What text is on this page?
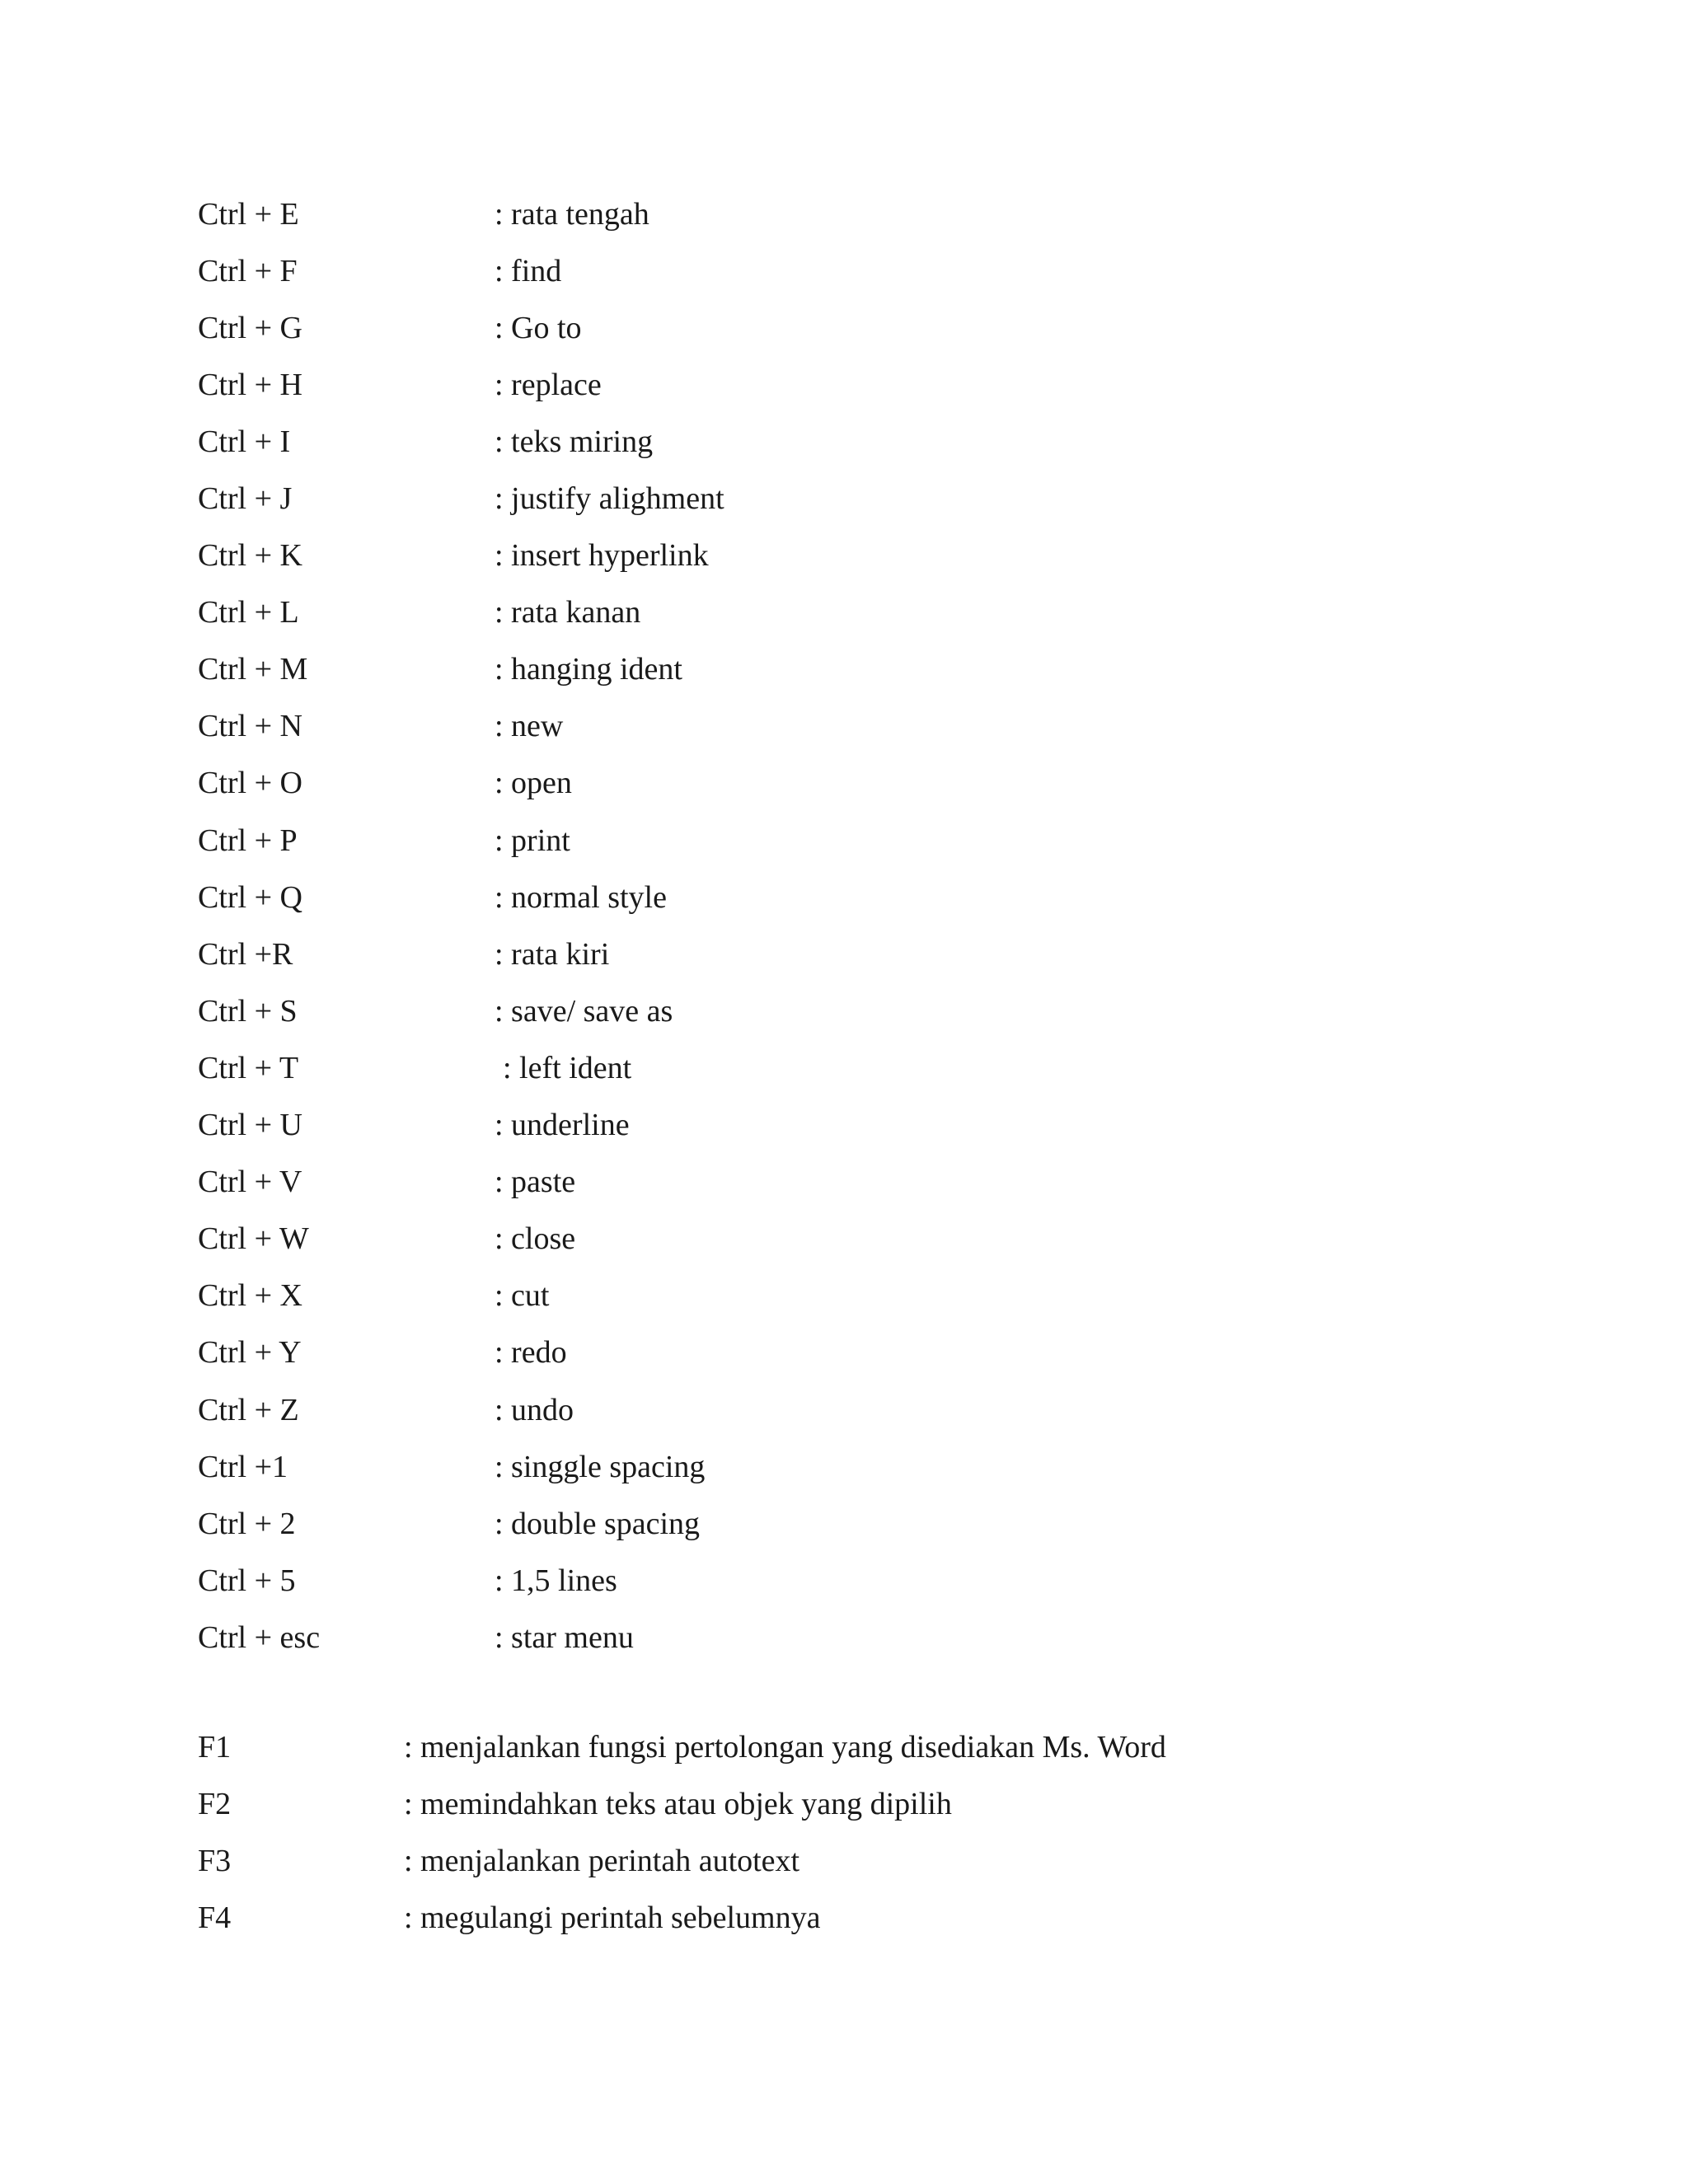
Ctrl + E	: rata tengah
Ctrl + F	: find
Ctrl + G	: Go to
Ctrl + H	: replace
Ctrl + I	: teks miring
Ctrl + J	: justify alighment
Ctrl + K	: insert hyperlink
Ctrl + L	: rata kanan
Ctrl + M	: hanging ident
Ctrl + N	: new
Ctrl + O	: open
Ctrl + P	: print
Ctrl + Q	: normal style
Ctrl +R	: rata kiri
Ctrl + S	: save/ save as
Ctrl + T	: left ident
Ctrl + U	: underline
Ctrl + V	: paste
Ctrl + W	: close
Ctrl + X	: cut
Ctrl + Y	: redo
Ctrl + Z	: undo
Ctrl +1	: singgle spacing
Ctrl + 2	: double spacing
Ctrl + 5	: 1,5 lines
Ctrl + esc	: star menu
F1	: menjalankan fungsi pertolongan yang disediakan Ms. Word
F2	: memindahkan teks atau objek yang dipilih
F3	: menjalankan perintah autotext
F4	: megulangi perintah sebelumnya
